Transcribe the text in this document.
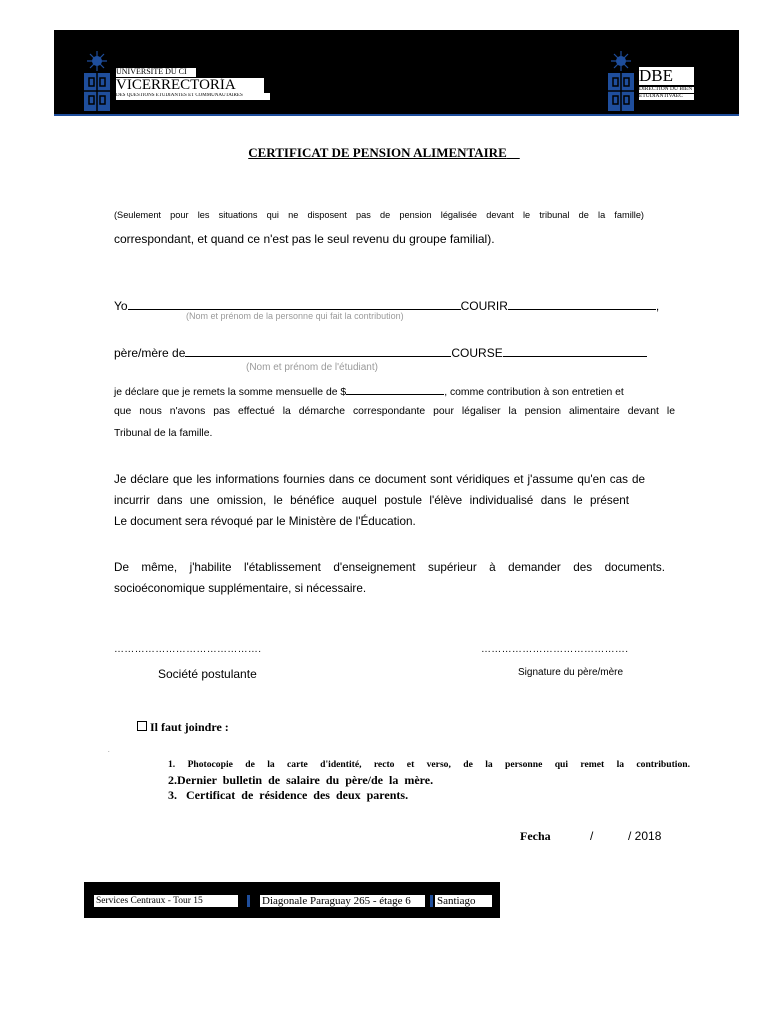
UNIVERSITÉ DU CI
VICERRECTORÍA
DES QUESTIONS ÉTUDIANTES ET COMMUNAUTAIRES
DBE
DIRECTION DU BIEN
ÉTUDIANTIVAEC
CERTIFICAT DE PENSION ALIMENTAIRE
(Seulement pour les situations qui ne disposent pas de pension légalisée devant le tribunal de la famille)
correspondant, et quand ce n'est pas le seul revenu du groupe familial).
Yo	COURIR	,
(Nom et prénom de la personne qui fait la contribution)
père/mère de	COURSE
(Nom et prénom de l'étudiant)
je déclare que je remets la somme mensuelle de $	, comme contribution à son entretien et
que nous n'avons pas effectué la démarche correspondante pour légaliser la pension alimentaire devant le
Tribunal de la famille.
Je déclare que les informations fournies dans ce document sont véridiques et j'assume qu'en cas de
incurrir dans une omission, le bénéfice auquel postule l'élève individualisé dans le présent
Le document sera révoqué par le Ministère de l'Éducation.
De même, j'habilite l'établissement d'enseignement supérieur à demander des documents.
socioéconomique supplémentaire, si nécessaire.
…………………………………….	…………………………………….
Société postulante	Signature du père/mère
Il faut joindre :
.
1. Photocopie de la carte d'identité, recto et verso, de la personne qui remet la contribution.
2.Dernier  bulletin  de  salaire  du  père/de  la  mère.
3.   Certificat  de  résidence  des  deux  parents.
Fecha	/	/ 2018
Services Centraux - Tour 15	Diagonale Paraguay 265 - étage 6	Santiago
